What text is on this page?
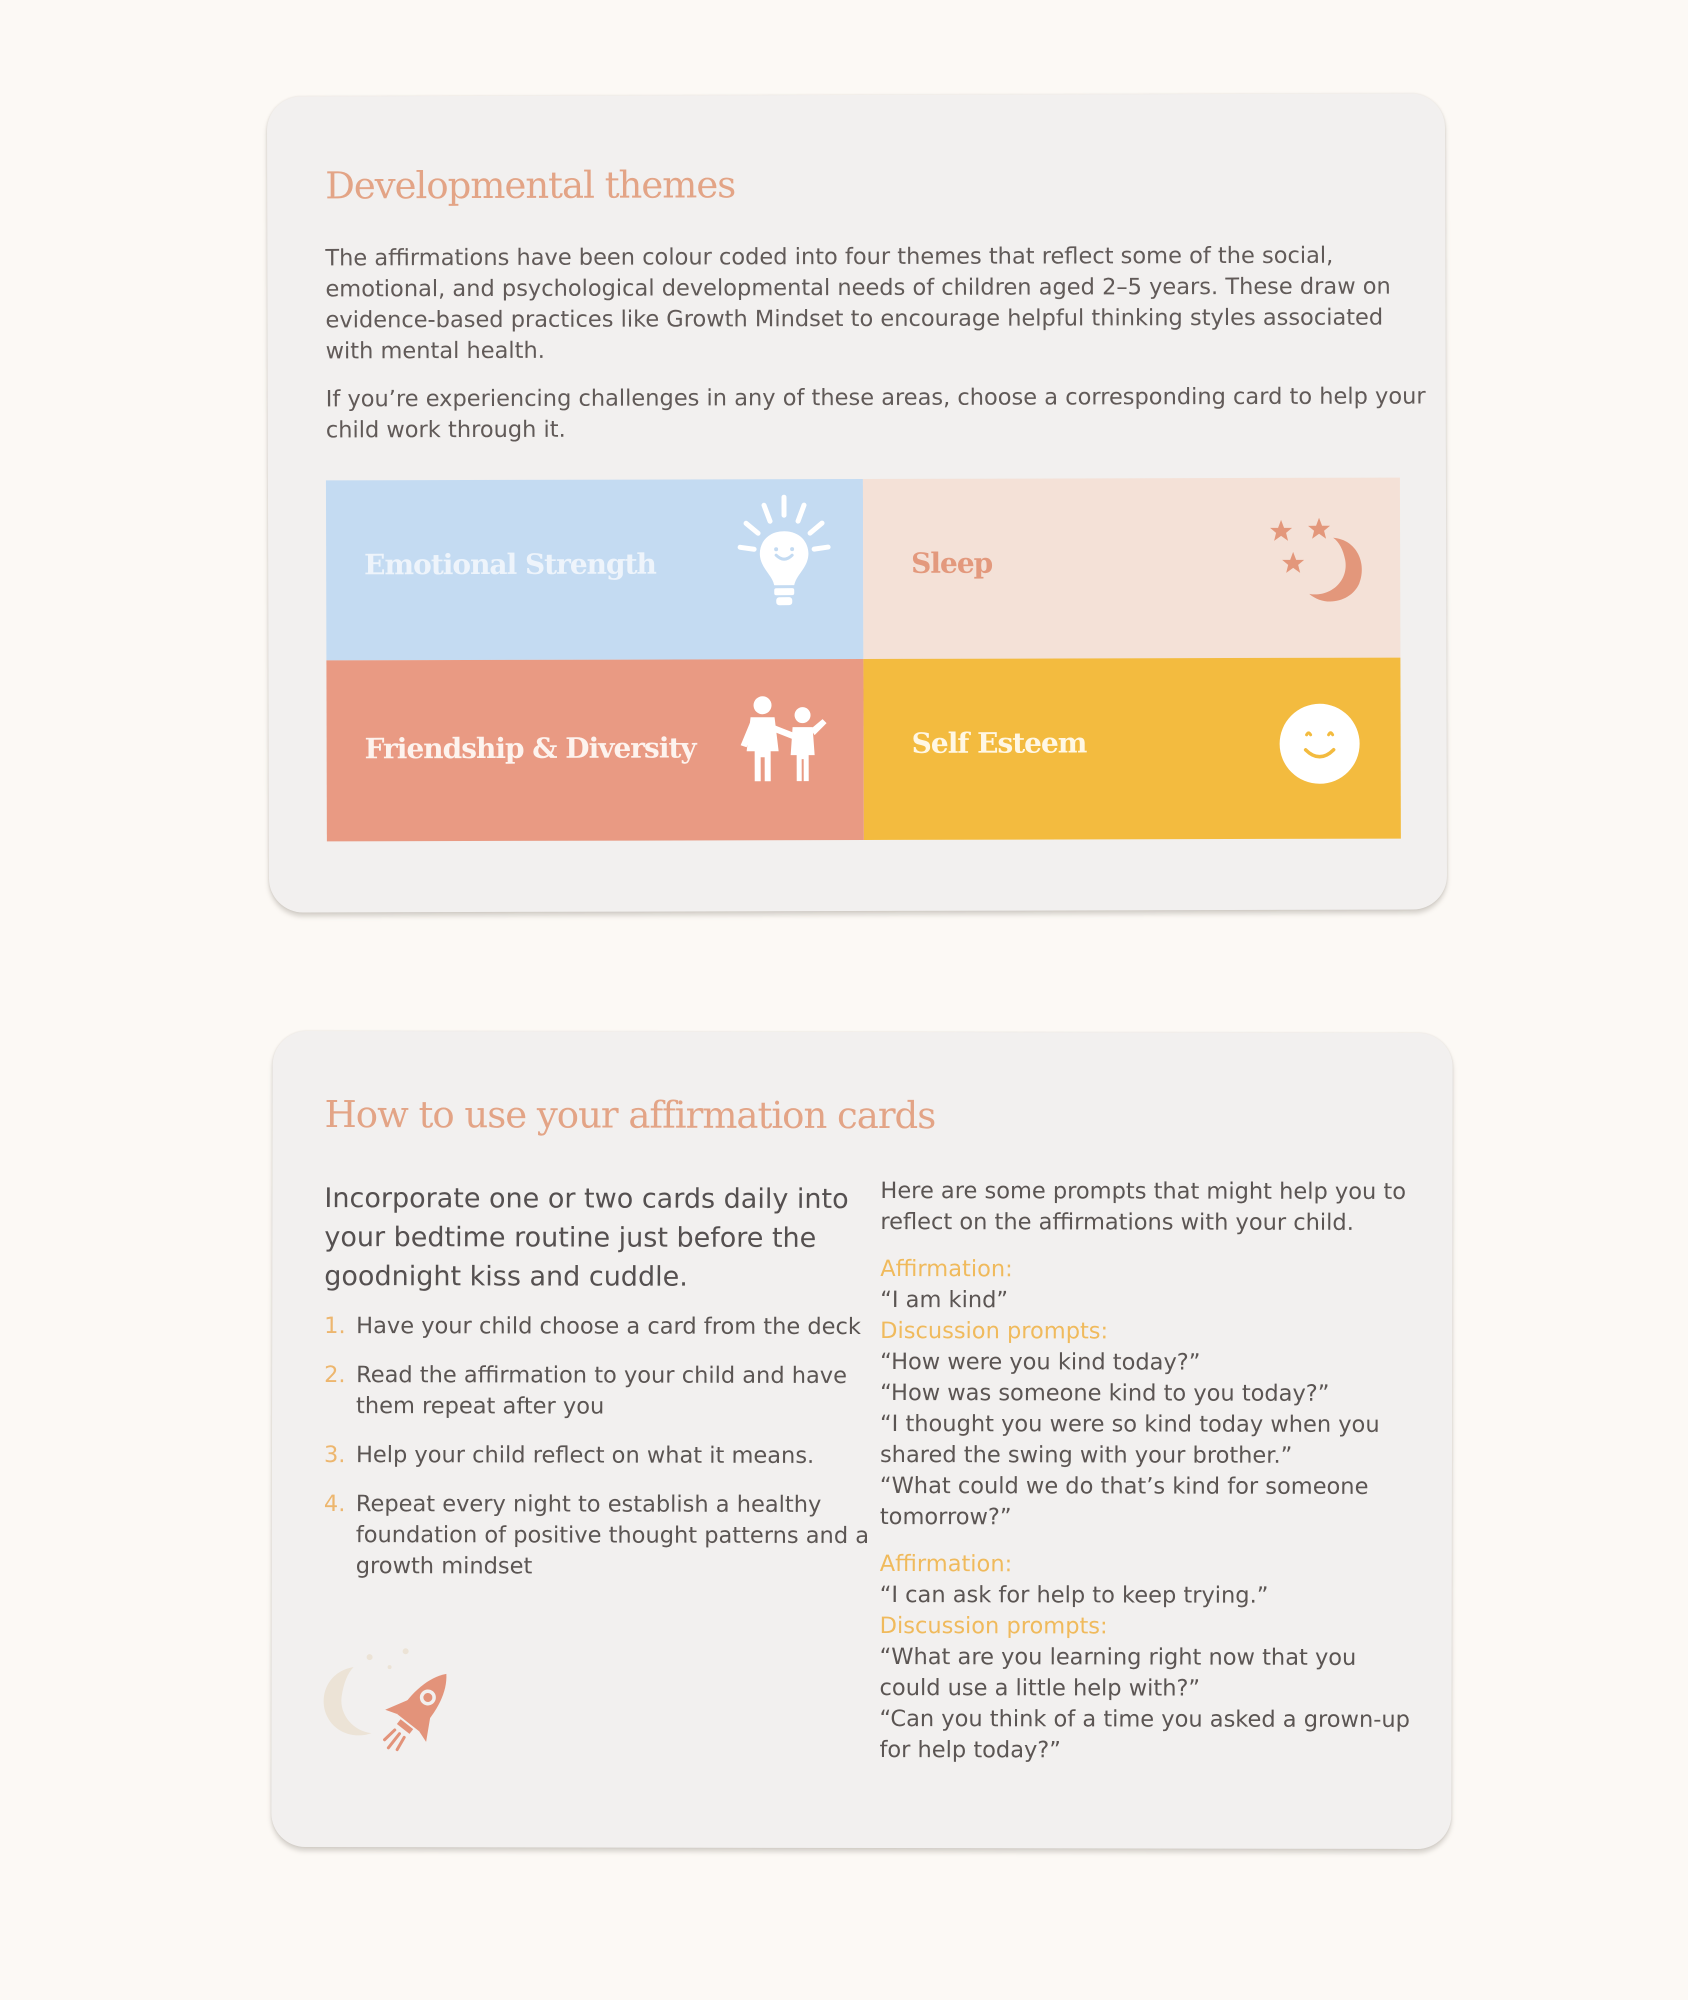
Developmental themes

The affirmations have been colour coded into four themes that reflect some of the social, emotional, and psychological developmental needs of children aged 2–5 years. These draw on evidence-based practices like Growth Mindset to encourage helpful thinking styles associated with mental health.

If you’re experiencing challenges in any of these areas, choose a corresponding card to help your child work through it.

Emotional Strength	Sleep
Friendship & Diversity	Self Esteem
How to use your affirmation cards

Incorporate one or two cards daily into your bedtime routine just before the goodnight kiss and cuddle.

1. Have your child choose a card from the deck
2. Read the affirmation to your child and have them repeat after you
3. Help your child reflect on what it means.
4. Repeat every night to establish a healthy foundation of positive thought patterns and a growth mindset

Here are some prompts that might help you to reflect on the affirmations with your child.

Affirmation:
“I am kind”
Discussion prompts:
“How were you kind today?”
“How was someone kind to you today?”
“I thought you were so kind today when you shared the swing with your brother.”
“What could we do that’s kind for someone tomorrow?”
Affirmation:
“I can ask for help to keep trying.”
Discussion prompts:
“What are you learning right now that you could use a little help with?”
“Can you think of a time you asked a grown-up for help today?”
